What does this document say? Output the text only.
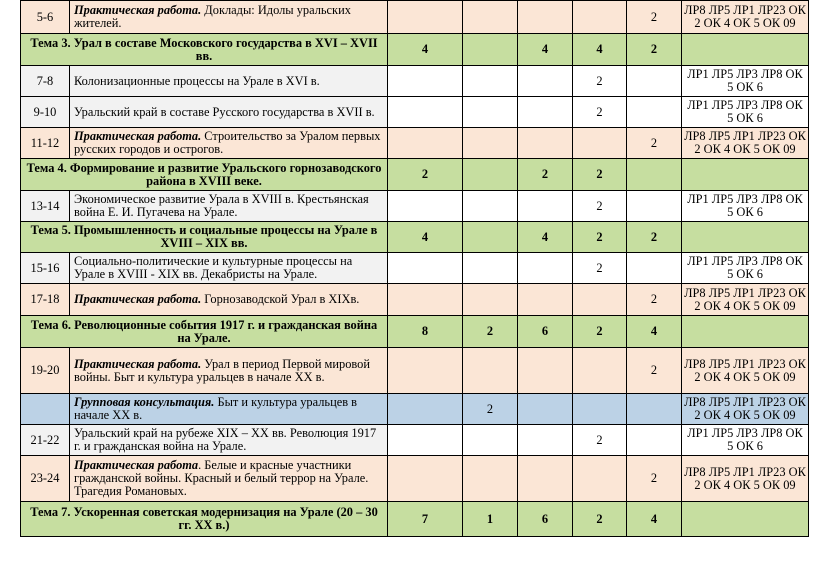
5-6	Практическая работа. Доклады: Идолы уральских жителей.					2	ЛР8 ЛР5 ЛР1 ЛР23 ОК 2 ОК 4 ОК 5 ОК 09
Тема 3. Урал в составе Московского государства в XVI – XVII вв.		4		4	4	2	
7-8	Колонизационные процессы на Урале в XVI в.				2		ЛР1 ЛР5 ЛР3 ЛР8 ОК 5 ОК 6
9-10	Уральский край в составе Русского государства в XVII в.				2		ЛР1 ЛР5 ЛР3 ЛР8 ОК 5 ОК 6
11-12	Практическая работа. Строительство за Уралом первых русских городов и острогов.					2	ЛР8 ЛР5 ЛР1 ЛР23 ОК 2 ОК 4 ОК 5 ОК 09
Тема 4. Формирование и развитие Уральского горнозаводского района в XVIII веке.		2		2	2		
13-14	Экономическое развитие Урала в XVIII в. Крестьянская война Е. И. Пугачева на Урале.				2		ЛР1 ЛР5 ЛР3 ЛР8 ОК 5 ОК 6
Тема 5. Промышленность и социальные процессы на Урале в XVIII – XIX вв.		4		4	2	2	
15-16	Социально-политические и культурные процессы на Урале в XVIII - XIX вв. Декабристы на Урале.				2		ЛР1 ЛР5 ЛР3 ЛР8 ОК 5 ОК 6
17-18	Практическая работа. Горнозаводской Урал в XIXв.					2	ЛР8 ЛР5 ЛР1 ЛР23 ОК 2 ОК 4 ОК 5 ОК 09
Тема 6. Революционные события 1917 г. и гражданская война на Урале.		8	2	6	2	4	
19-20	Практическая работа. Урал в период Первой мировой войны. Быт и культура уральцев в начале XX в.					2	ЛР8 ЛР5 ЛР1 ЛР23 ОК 2 ОК 4 ОК 5 ОК 09
	Групповая консультация. Быт и культура уральцев в начале XX в.		2				ЛР8 ЛР5 ЛР1 ЛР23 ОК 2 ОК 4 ОК 5 ОК 09
21-22	Уральский край на рубеже XIX – XX вв. Революция 1917 г. и гражданская война на Урале.				2		ЛР1 ЛР5 ЛР3 ЛР8 ОК 5 ОК 6
23-24	Практическая работа. Белые и красные участники гражданской войны. Красный и белый террор на Урале. Трагедия Романовых.					2	ЛР8 ЛР5 ЛР1 ЛР23 ОК 2 ОК 4 ОК 5 ОК 09
Тема 7. Ускоренная советская модернизация на Урале (20 – 30 гг. XX в.)		7	1	6	2	4	
